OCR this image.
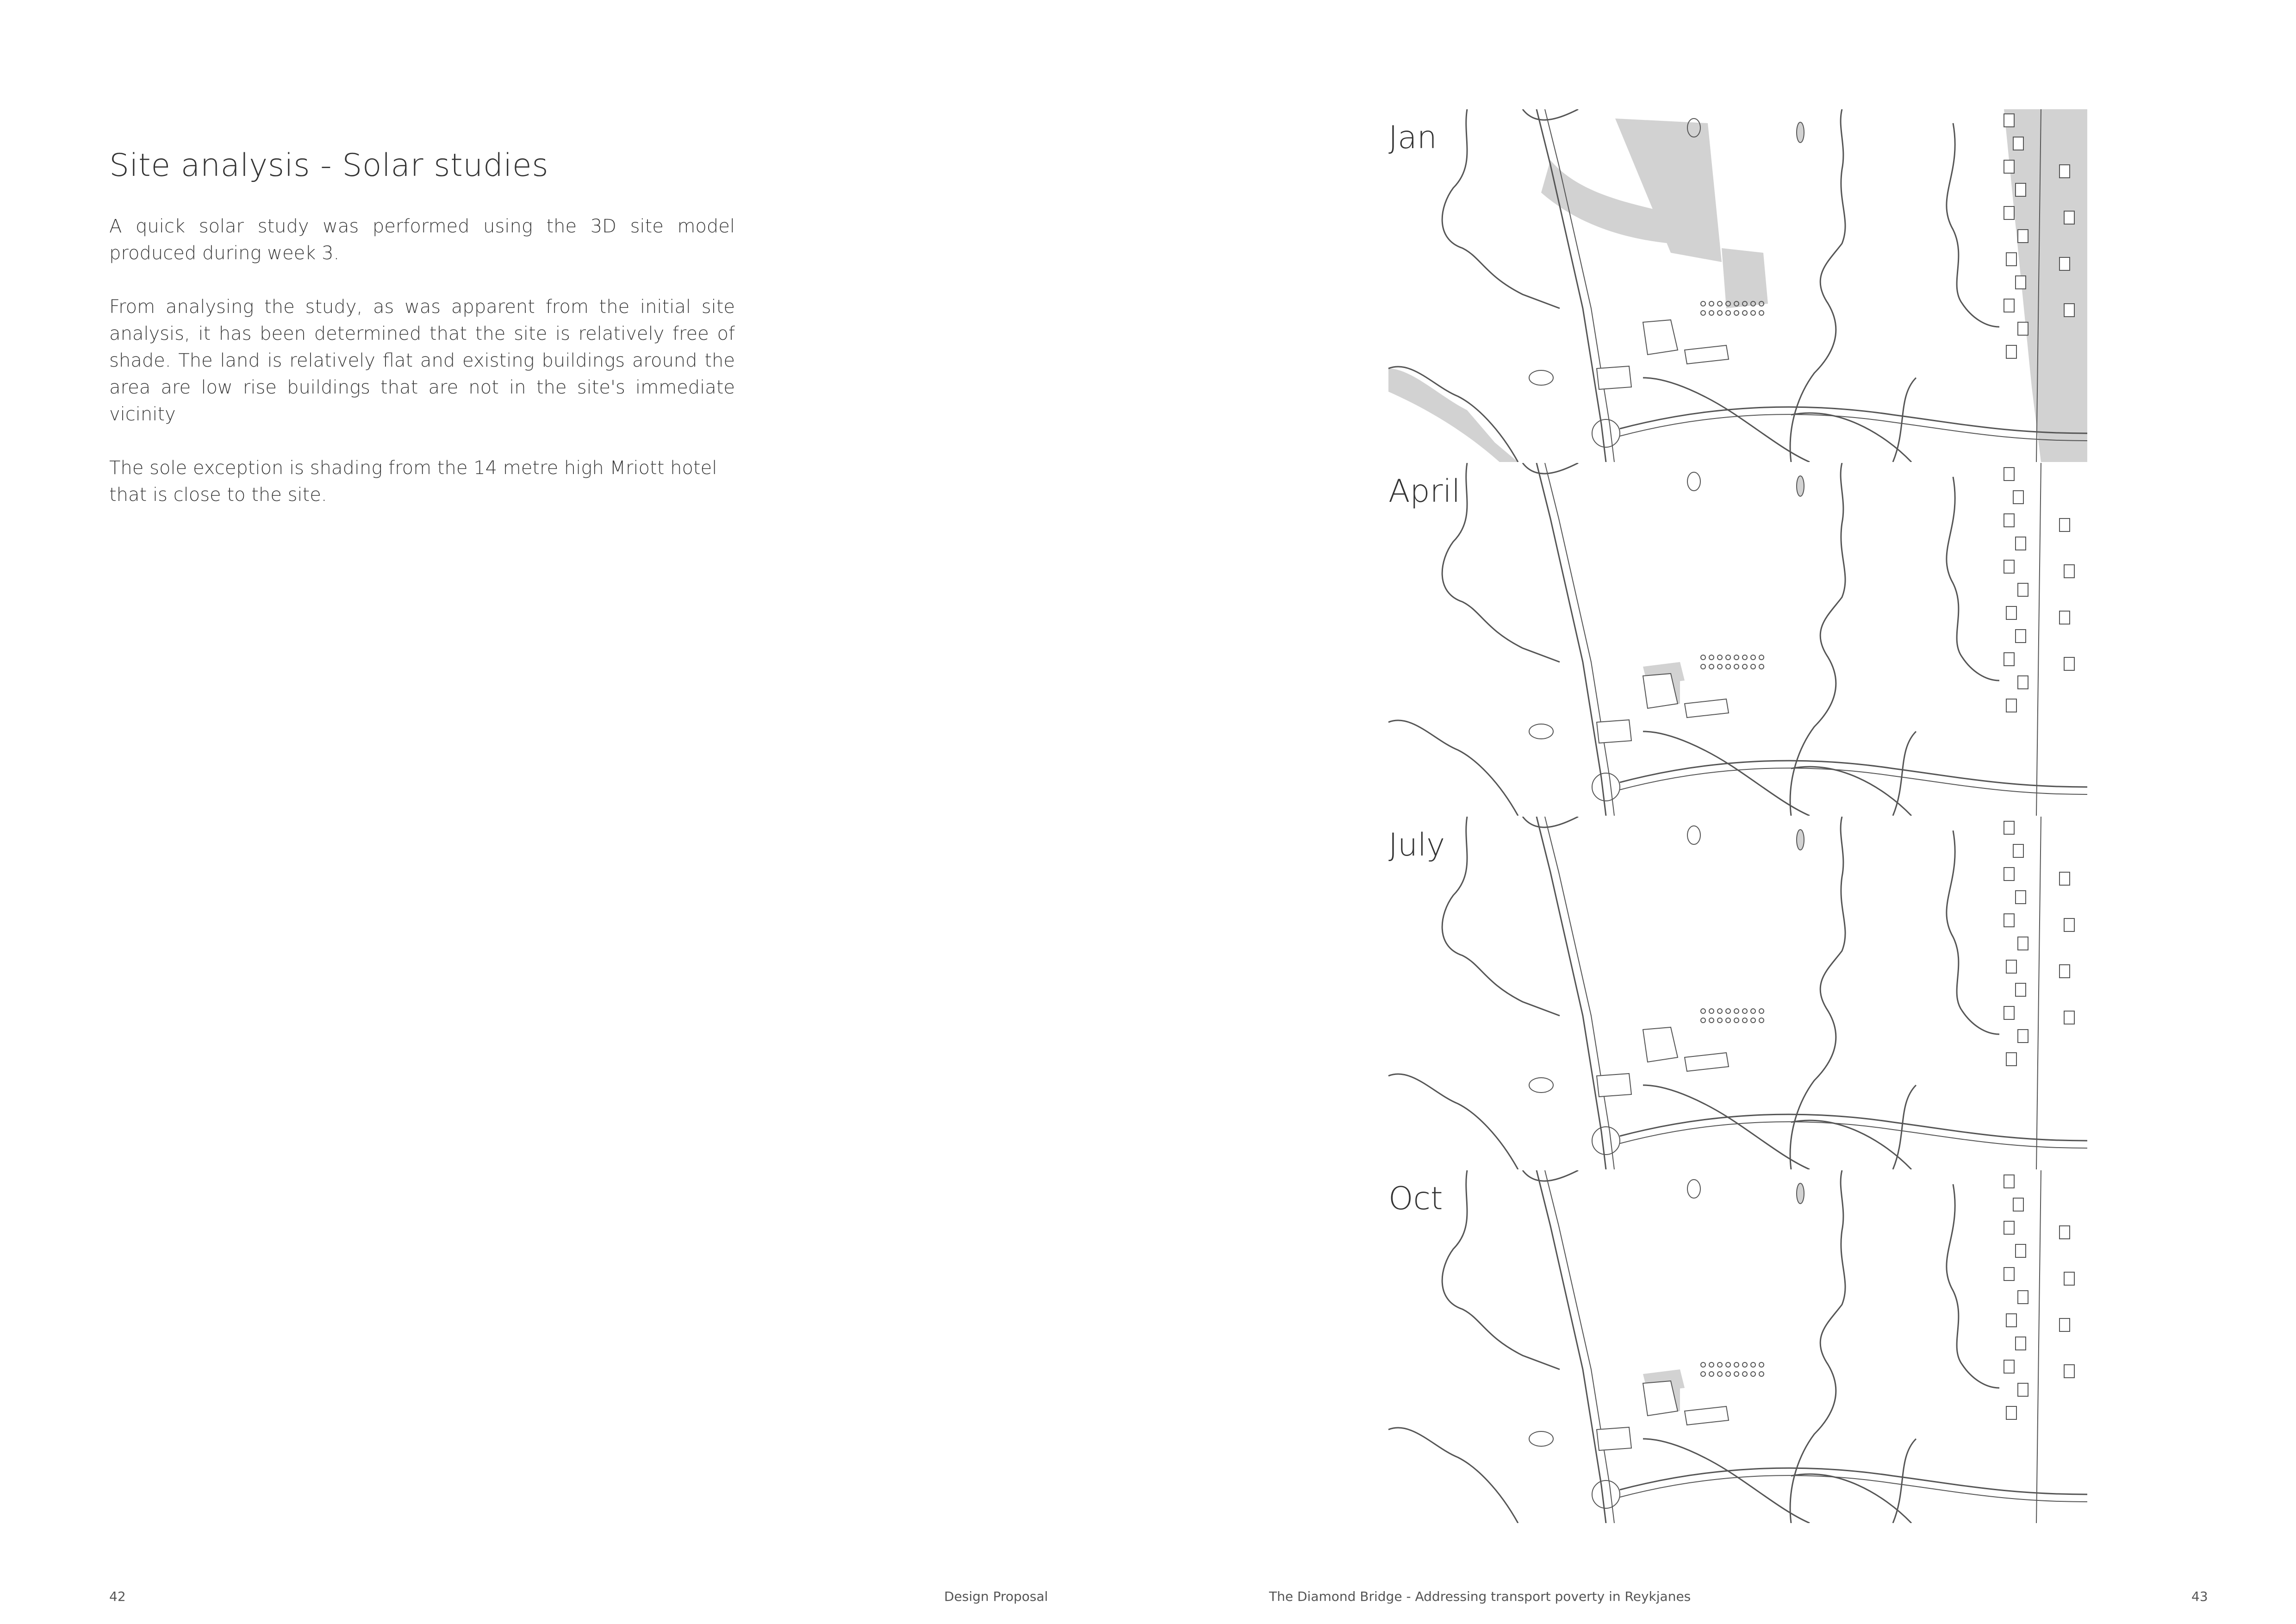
Site analysis - Solar studies

A quick solar study was performed using the 3D site model produced during week 3.

From analysing the study, as was apparent from the initial site analysis, it has been determined that the site is relatively free of shade. The land is relatively flat and existing buildings around the area are low rise buildings that are not in the site's immediate vicinity

The sole exception is shading from the 14 metre high Mriott hotel that is close to the site.

Jan
April
July
Oct
42	Design Proposal	The Diamond Bridge - Addressing transport poverty in Reykjanes	43
